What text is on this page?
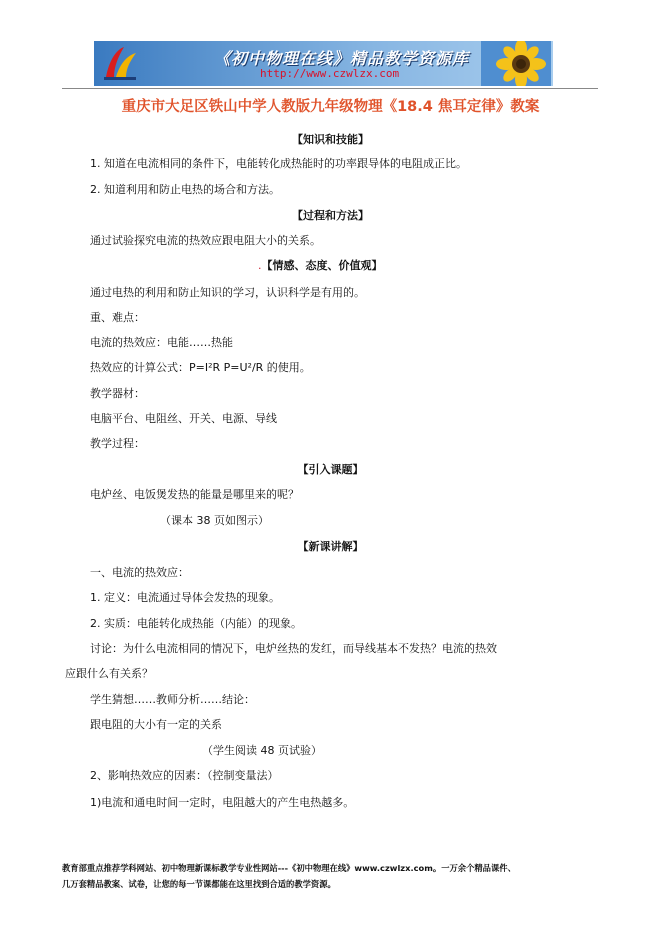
《初中物理在线》精品教学资源库
http://www.czwlzx.com
重庆市大足区铁山中学人教版九年级物理《18.4 焦耳定律》教案
【知识和技能】
1. 知道在电流相同的条件下，电能转化成热能时的功率跟导体的电阻成正比。
2. 知道利用和防止电热的场合和方法。
【过程和方法】
通过试验探究电流的热效应跟电阻大小的关系。
.【情感、态度、价值观】
通过电热的利用和防止知识的学习，认识科学是有用的。
重、难点：
电流的热效应：电能……热能
热效应的计算公式：P=I²R P=U²/R 的使用。
教学器材：
电脑平台、电阻丝、开关、电源、导线
教学过程：
【引入课题】
电炉丝、电饭煲发热的能量是哪里来的呢？
（课本 38 页如图示）
【新课讲解】
一、电流的热效应：
1. 定义：电流通过导体会发热的现象。
2. 实质：电能转化成热能（内能）的现象。
讨论：为什么电流相同的情况下，电炉丝热的发红，而导线基本不发热？电流的热效
应跟什么有关系？
学生猜想……教师分析……结论：
跟电阻的大小有一定的关系
（学生阅读 48 页试验）
2、影响热效应的因素：（控制变量法）
1)电流和通电时间一定时，电阻越大的产生电热越多。
教育部重点推荐学科网站、初中物理新课标教学专业性网站---《初中物理在线》www.czwlzx.com。一万余个精品课件、
几万套精品教案、试卷，让您的每一节课都能在这里找到合适的教学资源。
